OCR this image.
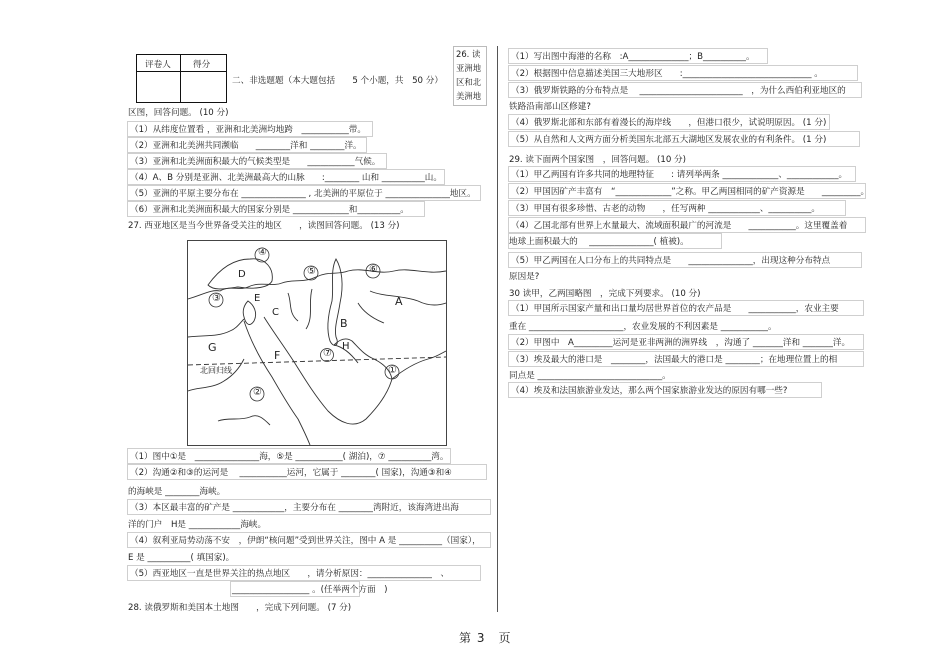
评卷人	得分
二、非选题题（本大题包括　　5 个小题，共　50 分）
26. 读
亚洲地
区和北
美洲地
区图，回答问题。 (10 分)
（1）从纬度位置看 ，亚洲和北美洲均地跨　___________带。
（2）亚洲和北美洲共同濒临　　________洋和 ________洋。
（3）亚洲和北美洲面积最大的气候类型是　　___________气候。
（4）A、B 分别是亚洲、北美洲最高大的山脉　　:________ 山和 __________山。
（5）亚洲的平原主要分布在 _______________ , 北美洲的平原位于 _______________地区。
（6）亚洲和北美洲面积最大的国家分别是 _____________和__________。
27. 西亚地区是当今世界备受关注的地区　　，读图回答问题。 (13 分)
④
D	⑤	⑥
③	E
C
A
B
G
F	⑦
H
①
②
北回归线
（1）图中①是　_______________海，⑤是 ___________( 湖泊)，⑦ __________湾。
（2）沟通②和③的运河是　 ___________运河，它属于 ________( 国家)，沟通③和④
的海峡是 ________海峡。
（3）本区最丰富的矿产是 ____________，主要分布在 ________湾附近，该海湾进出海
洋的门户　H是 ____________海峡。
（4）叙利亚局势动荡不安　，伊朗“核问题”受到世界关注，图中 A 是 __________（国家），
E 是 __________( 填国家)。
（5）西亚地区一直是世界关注的热点地区　　，请分析原因：_______________　、
__________________ 。(任举两个方面　)
28. 读俄罗斯和美国本土地图　　，完成下列问题。 (7 分)
（1）写出图中海港的名称　:A______________；B__________。
（2）根据图中信息描述美国三大地形区　　:______________________________ 。
（3）俄罗斯铁路的分布特点是　 ________________________　，为什么西伯利亚地区的
铁路沿南部山区修建?
（4）俄罗斯北部和东部有着漫长的海岸线　　，但港口很少，试说明原因。 (1 分)
（5）从自然和人文两方面分析美国东北部五大湖地区发展农业的有利条件。 (1 分)
29. 读下面两个国家图　，回答问题。 (10 分)
（1）甲乙两国有许多共同的地理特征　　: 请列举两条 _____________、____________。
（2）甲国因矿产丰富有　“_____________”之称。甲乙两国相同的矿产资源是　　_________。
（3）甲国有很多珍惜、古老的动物　　，任写两种 ____________、__________。
（4）乙国北部有世界上水量最大、流域面积最广的河流是　　___________。这里覆盖着
地球上面积最大的　 _______________( 植被)。
（5）甲乙两国在人口分布上的共同特点是　　_______________，出现这种分布特点
原因是?
30 读甲，乙两国略图　，完成下列要求。 (10 分)
（1）甲国所示国家产量和出口量均居世界首位的农产品是　　___________，农业主要
重在 ______________________，农业发展的不利因素是 ___________。
（2）甲图中　A_________运河是亚非两洲的洲界线　，沟通了 _______洋和 _______洋。
（3）埃及最大的港口是　________，法国最大的港口是 ________；在地理位置上的相
同点是 _____________________________。
（4）埃及和法国旅游业发达，那么两个国家旅游业发达的原因有哪一些?
第 3　页
